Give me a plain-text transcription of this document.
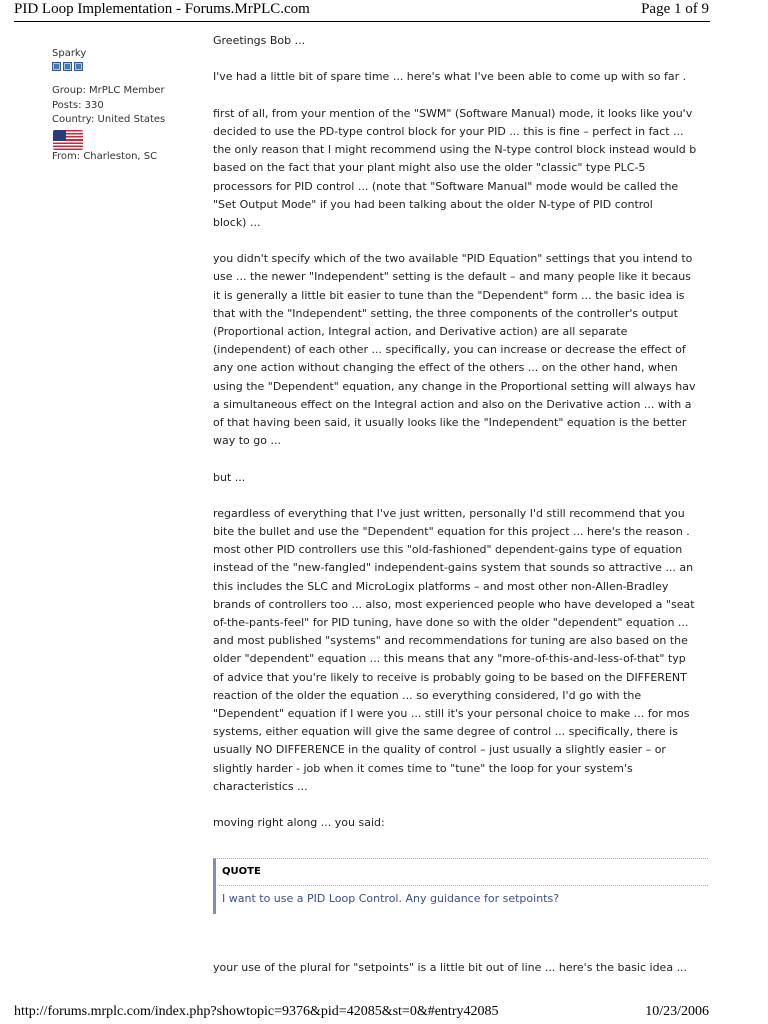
PID Loop Implementation - Forums.MrPLC.com	Page 1 of 9
Sparky
Group: MrPLC Member
Posts: 330
Country: United States
From: Charleston, SC
Greetings Bob ...
I've had a little bit of spare time ... here's what I've been able to come up with so far .
first of all, from your mention of the "SWM" (Software Manual) mode, it looks like you'v
decided to use the PD-type control block for your PID ... this is fine – perfect in fact ...
the only reason that I might recommend using the N-type control block instead would b
based on the fact that your plant might also use the older "classic" type PLC-5
processors for PID control ... (note that "Software Manual" mode would be called the
"Set Output Mode" if you had been talking about the older N-type of PID control
block) ...
you didn't specify which of the two available "PID Equation" settings that you intend to
use ... the newer "Independent" setting is the default – and many people like it becaus
it is generally a little bit easier to tune than the "Dependent" form ... the basic idea is
that with the "Independent" setting, the three components of the controller's output
(Proportional action, Integral action, and Derivative action) are all separate
(independent) of each other ... specifically, you can increase or decrease the effect of
any one action without changing the effect of the others ... on the other hand, when
using the "Dependent" equation, any change in the Proportional setting will always hav
a simultaneous effect on the Integral action and also on the Derivative action ... with a
of that having been said, it usually looks like the "Independent" equation is the better
way to go ...
but ...
regardless of everything that I've just written, personally I'd still recommend that you
bite the bullet and use the "Dependent" equation for this project ... here's the reason .
most other PID controllers use this "old-fashioned" dependent-gains type of equation
instead of the "new-fangled" independent-gains system that sounds so attractive ... an
this includes the SLC and MicroLogix platforms – and most other non-Allen-Bradley
brands of controllers too ... also, most experienced people who have developed a "seat
of-the-pants-feel" for PID tuning, have done so with the older "dependent" equation ...
and most published "systems" and recommendations for tuning are also based on the
older "dependent" equation ... this means that any "more-of-this-and-less-of-that" typ
of advice that you're likely to receive is probably going to be based on the DIFFERENT
reaction of the older the equation ... so everything considered, I'd go with the
"Dependent" equation if I were you ... still it's your personal choice to make ... for mos
systems, either equation will give the same degree of control ... specifically, there is
usually NO DIFFERENCE in the quality of control – just usually a slightly easier – or
slightly harder - job when it comes time to "tune" the loop for your system's
characteristics ...
moving right along ... you said:
QUOTE
I want to use a PID Loop Control. Any guidance for setpoints?
your use of the plural for "setpoints" is a little bit out of line ... here's the basic idea ...
http://forums.mrplc.com/index.php?showtopic=9376&pid=42085&st=0&#entry42085	10/23/2006
